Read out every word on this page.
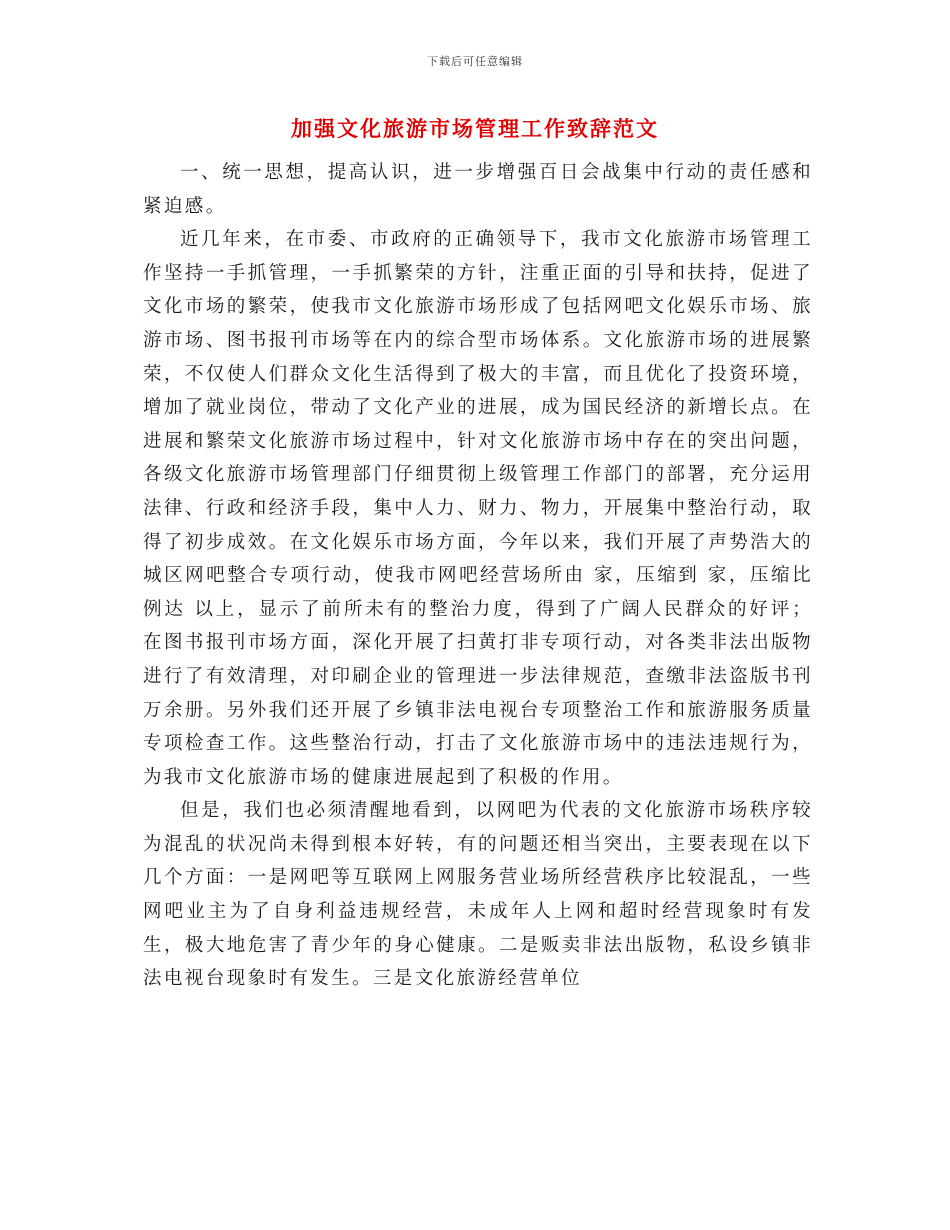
下载后可任意编辑
加强文化旅游市场管理工作致辞范文

一、统一思想，提高认识，进一步增强百日会战集中行动的责任感和紧迫感。

近几年来，在市委、市政府的正确领导下，我市文化旅游市场管理工作坚持一手抓管理，一手抓繁荣的方针，注重正面的引导和扶持，促进了文化市场的繁荣，使我市文化旅游市场形成了包括网吧文化娱乐市场、旅游市场、图书报刊市场等在内的综合型市场体系。文化旅游市场的进展繁荣，不仅使人们群众文化生活得到了极大的丰富，而且优化了投资环境，增加了就业岗位，带动了文化产业的进展，成为国民经济的新增长点。在进展和繁荣文化旅游市场过程中，针对文化旅游市场中存在的突出问题，各级文化旅游市场管理部门仔细贯彻上级管理工作部门的部署，充分运用法律、行政和经济手段，集中人力、财力、物力，开展集中整治行动，取得了初步成效。在文化娱乐市场方面，今年以来，我们开展了声势浩大的城区网吧整合专项行动，使我市网吧经营场所由 家，压缩到 家，压缩比例达 以上，显示了前所未有的整治力度，得到了广阔人民群众的好评；在图书报刊市场方面，深化开展了扫黄打非专项行动，对各类非法出版物进行了有效清理，对印刷企业的管理进一步法律规范，查缴非法盗版书刊 万余册。另外我们还开展了乡镇非法电视台专项整治工作和旅游服务质量专项检查工作。这些整治行动，打击了文化旅游市场中的违法违规行为，为我市文化旅游市场的健康进展起到了积极的作用。

但是，我们也必须清醒地看到，以网吧为代表的文化旅游市场秩序较为混乱的状况尚未得到根本好转，有的问题还相当突出，主要表现在以下几个方面：一是网吧等互联网上网服务营业场所经营秩序比较混乱，一些网吧业主为了自身利益违规经营，未成年人上网和超时经营现象时有发生，极大地危害了青少年的身心健康。二是贩卖非法出版物，私设乡镇非法电视台现象时有发生。三是文化旅游经营单位
